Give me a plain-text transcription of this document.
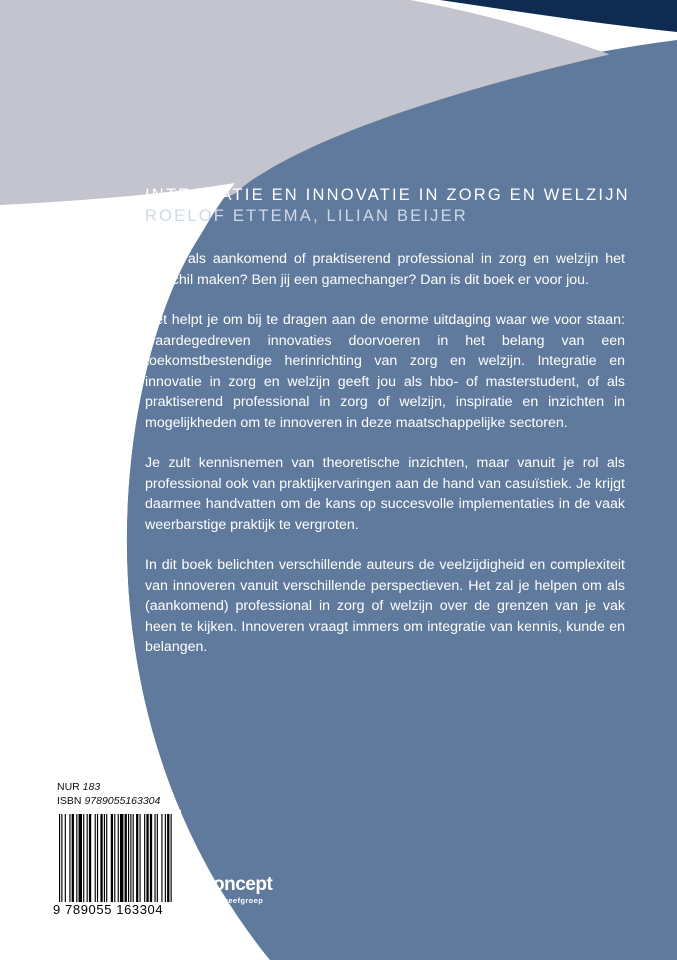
INTEGRATIE EN INNOVATIE IN ZORG EN WELZIJN
ROELOF ETTEMA, LILIAN BEIJER

Wil jij als aankomend of praktiserend professional in zorg en welzijn het verschil maken? Ben jij een gamechanger? Dan is dit boek er voor jou.

Het helpt je om bij te dragen aan de enorme uitdaging waar we voor staan: waardegedreven innovaties doorvoeren in het belang van een toekomstbestendige herinrichting van zorg en welzijn. Integratie en innovatie in zorg en welzijn geeft jou als hbo- of masterstudent, of als praktiserend professional in zorg of welzijn, inspiratie en inzichten in mogelijkheden om te innoveren in deze maatschappelijke sectoren.

Je zult kennisnemen van theoretische inzichten, maar vanuit je rol als professional ook van praktijkervaringen aan de hand van casuïstiek. Je krijgt daarmee handvatten om de kans op succesvolle implementaties in de vaak weerbarstige praktijk te vergroten.

In dit boek belichten verschillende auteurs de veelzijdigheid en complexiteit van innoveren vanuit verschillende perspectieven. Het zal je helpen om als (aankomend) professional in zorg of welzijn over de grenzen van je vak heen te kijken. Innoveren vraagt immers om integratie van kennis, kunde en belangen.

NUR 183
ISBN 9789055163304
9 789055 163304
C
oncept
uitgeefgroep
